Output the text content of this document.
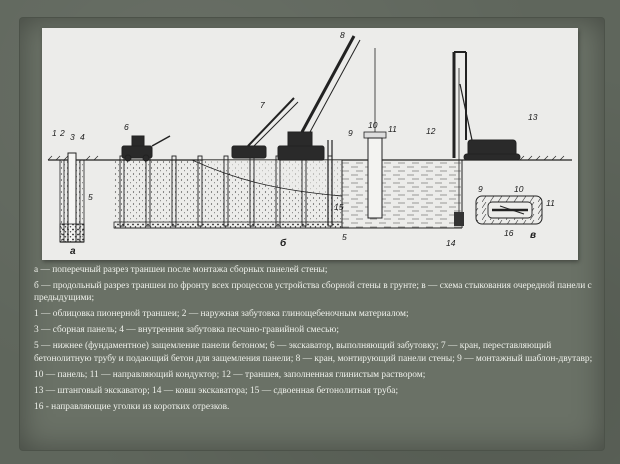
1 2 3 4
5
6
7
8
9
10 11	12
13
14
15
5
9	10
11
16
а
б
в

а — поперечный разрез траншеи после монтажа сборных панелей стены;

б — продольный разрез траншеи по фронту всех процессов устройства сборной стены в грунте; в — схема стыкования очередной панели с предыдущими;

1 — облицовка пионерной траншеи; 2 — наружная забутовка глинощебеночным материалом;

3 — сборная панель; 4 — внутренняя забутовка песчано-гравийной смесью;

5 — нижнее (фундаментное) защемление панели бетоном; 6 — экскаватор, выполняющий забутовку; 7 — кран, переставляющий бетонолитную трубу и подающий бетон для защемления панели; 8 — кран, монтирующий панели стены; 9 — монтажный шаблон-двутавр;

10 — панель; 11 — направляющий кондуктор; 12 — траншея, заполненная глинистым раствором;

13 — штанговый экскаватор; 14 — ковш экскаватора; 15 — сдвоенная бетонолитная труба;

16 - направляющие уголки из коротких отрезков.
